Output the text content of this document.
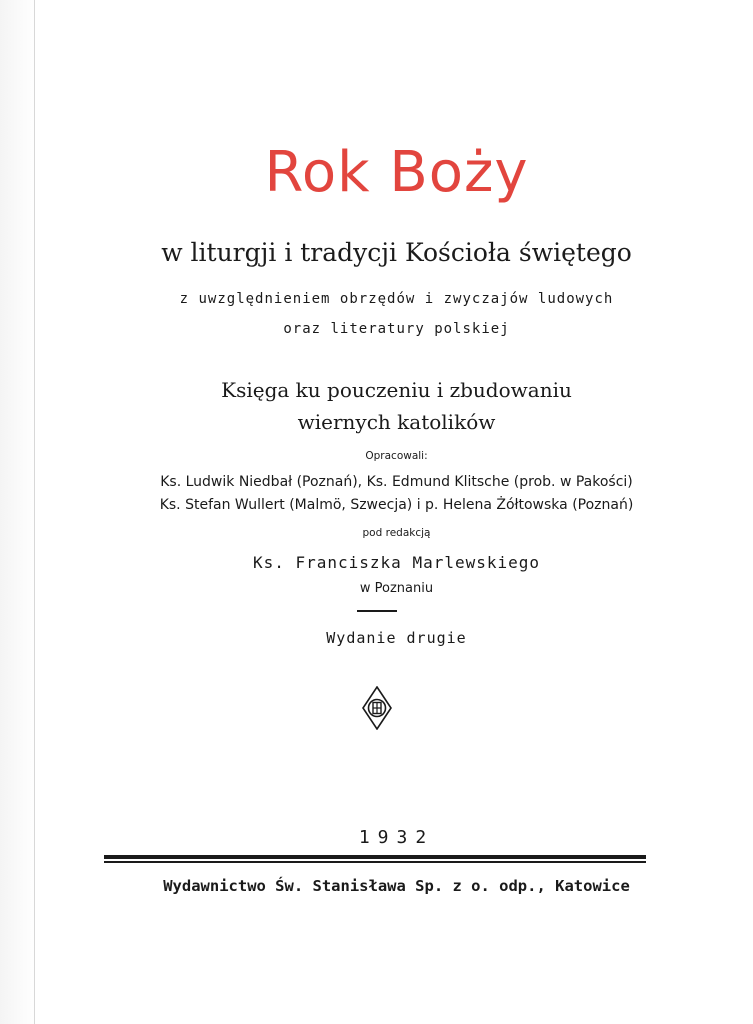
Rok Boży
w liturgji i tradycji Kościoła świętego
z uwzględnieniem obrzędów i zwyczajów ludowych
oraz literatury polskiej
Księga ku pouczeniu i zbudowaniu
wiernych katolików
Opracowali:
Ks. Ludwik Niedbał (Poznań), Ks. Edmund Klitsche (prob. w Pakości)
Ks. Stefan Wullert (Malmö, Szwecja) i p. Helena Żółtowska (Poznań)
pod redakcją
Ks. Franciszka Marlewskiego
w Poznaniu
Wydanie drugie
1932
Wydawnictwo Św. Stanisława Sp. z o. odp., Katowice
